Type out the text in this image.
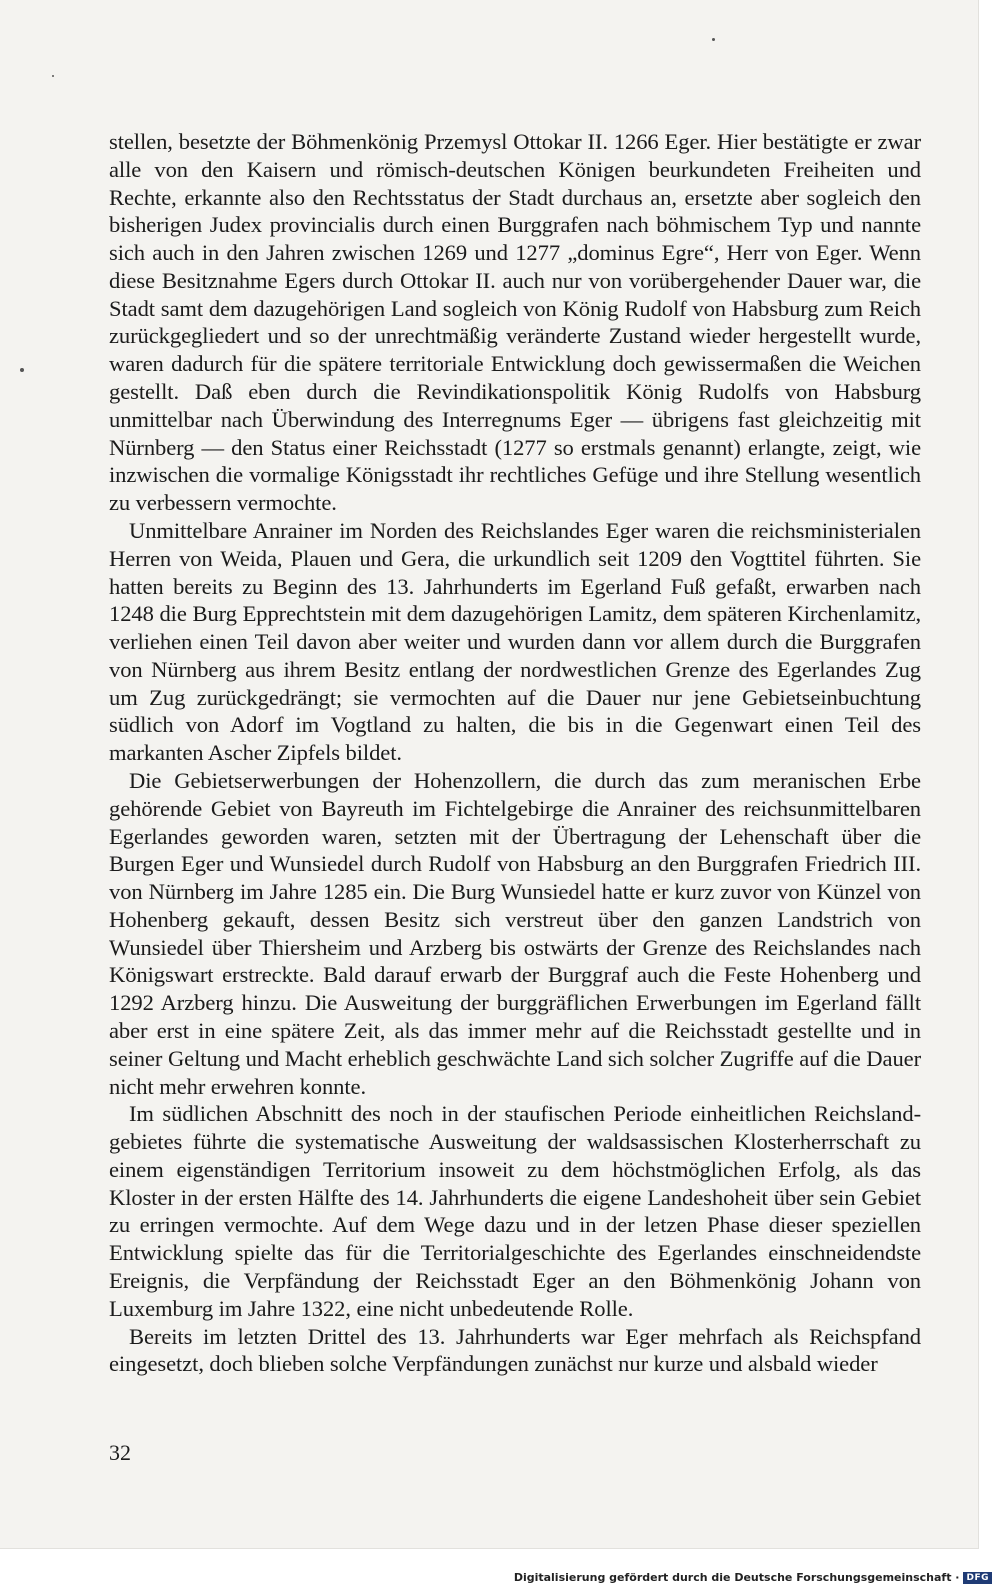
stellen, besetzte der Böhmenkönig Przemysl Ottokar II. 1266 Eger. Hier bestätigte er zwar alle von den Kaisern und römisch-deutschen Königen beurkundeten Freiheiten und Rechte, erkannte also den Rechtsstatus der Stadt durchaus an, ersetzte aber sogleich den bisherigen Judex provincialis durch einen Burggrafen nach böhmischem Typ und nannte sich auch in den Jahren zwischen 1269 und 1277 „dominus Egre“, Herr von Eger. Wenn diese Besitznahme Egers durch Ottokar II. auch nur von vorübergehender Dauer war, die Stadt samt dem dazugehörigen Land sogleich von König Rudolf von Habsburg zum Reich zurückgegliedert und so der unrechtmäßig veränderte Zustand wieder hergestellt wurde, waren dadurch für die spätere territoriale Entwicklung doch gewissermaßen die Weichen gestellt. Daß eben durch die Revindikationspolitik König Rudolfs von Habsburg unmittelbar nach Überwindung des Interregnums Eger — übrigens fast gleichzeitig mit Nürnberg — den Status einer Reichsstadt (1277 so erstmals genannt) erlangte, zeigt, wie inzwischen die vormalige Königsstadt ihr rechtliches Gefüge und ihre Stellung wesentlich zu verbessern vermochte.

Unmittelbare Anrainer im Norden des Reichslandes Eger waren die reichsministerialen Herren von Weida, Plauen und Gera, die urkundlich seit 1209 den Vogttitel führten. Sie hatten bereits zu Beginn des 13. Jahrhunderts im Egerland Fuß gefaßt, erwarben nach 1248 die Burg Epprechtstein mit dem dazugehörigen Lamitz, dem späteren Kirchenlamitz, verliehen einen Teil davon aber weiter und wurden dann vor allem durch die Burggrafen von Nürnberg aus ihrem Besitz entlang der nordwestlichen Grenze des Egerlandes Zug um Zug zurückgedrängt; sie vermochten auf die Dauer nur jene Gebietseinbuchtung südlich von Adorf im Vogtland zu halten, die bis in die Gegenwart einen Teil des markanten Ascher Zipfels bildet.

Die Gebietserwerbungen der Hohenzollern, die durch das zum meranischen Erbe gehörende Gebiet von Bayreuth im Fichtelgebirge die Anrainer des reichsunmittelbaren Egerlandes geworden waren, setzten mit der Übertragung der Lehenschaft über die Burgen Eger und Wunsiedel durch Rudolf von Habsburg an den Burggrafen Friedrich III. von Nürnberg im Jahre 1285 ein. Die Burg Wunsiedel hatte er kurz zuvor von Künzel von Hohenberg gekauft, dessen Besitz sich verstreut über den ganzen Landstrich von Wunsiedel über Thiersheim und Arzberg bis ostwärts der Grenze des Reichslandes nach Königswart erstreckte. Bald darauf erwarb der Burggraf auch die Feste Hohenberg und 1292 Arzberg hinzu. Die Ausweitung der burggräflichen Erwerbungen im Egerland fällt aber erst in eine spätere Zeit, als das immer mehr auf die Reichsstadt gestellte und in seiner Geltung und Macht erheblich geschwächte Land sich solcher Zugriffe auf die Dauer nicht mehr erwehren konnte.

Im südlichen Abschnitt des noch in der staufischen Periode einheitlichen Reichsland-gebietes führte die systematische Ausweitung der waldsassischen Klosterherrschaft zu einem eigenständigen Territorium insoweit zu dem höchstmöglichen Erfolg, als das Kloster in der ersten Hälfte des 14. Jahrhunderts die eigene Landeshoheit über sein Gebiet zu erringen vermochte. Auf dem Wege dazu und in der letzen Phase dieser speziellen Entwicklung spielte das für die Territorialgeschichte des Egerlandes einschneidendste Ereignis, die Verpfändung der Reichsstadt Eger an den Böhmenkönig Johann von Luxemburg im Jahre 1322, eine nicht unbedeutende Rolle.

Bereits im letzten Drittel des 13. Jahrhunderts war Eger mehrfach als Reichspfand eingesetzt, doch blieben solche Verpfändungen zunächst nur kurze und alsbald wieder

32
Digitalisierung gefördert durch die Deutsche Forschungsgemeinschaft · DFG
